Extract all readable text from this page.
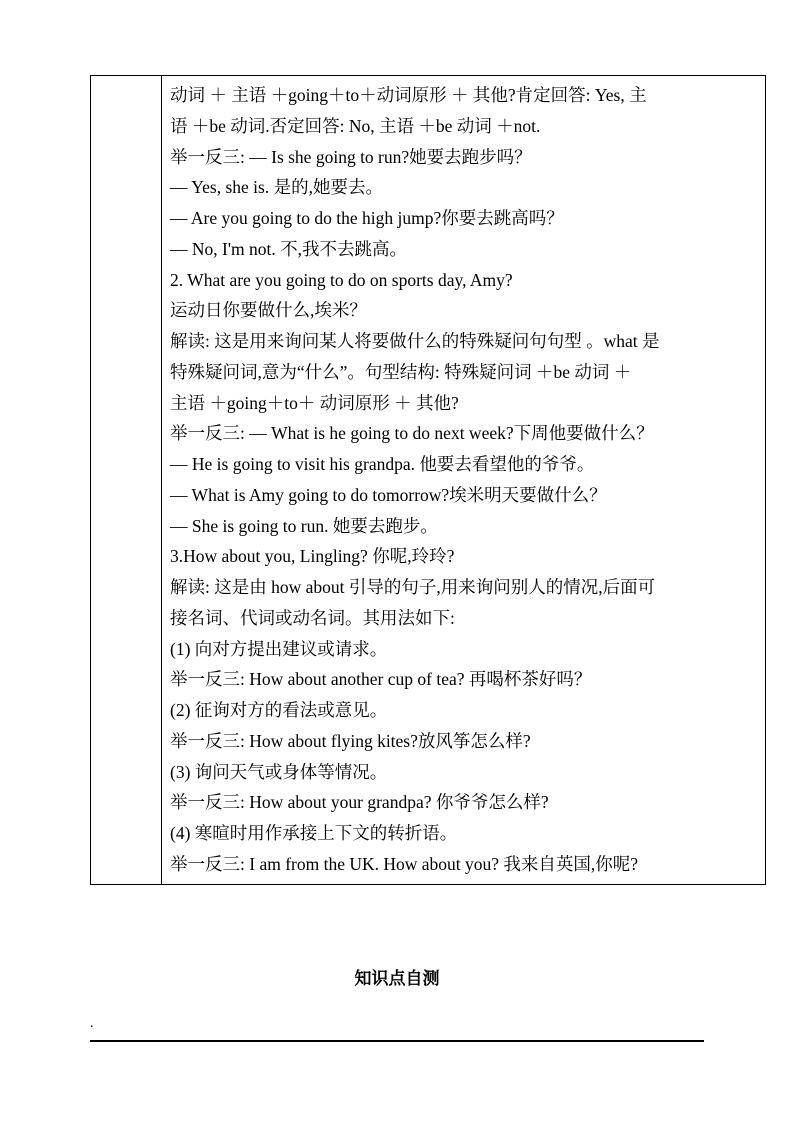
动词 ＋ 主语 ＋going＋to＋动词原形 ＋ 其他?肯定回答: Yes, 主
语 ＋be 动词.否定回答: No, 主语 ＋be 动词 ＋not.
举一反三: — Is she going to run?她要去跑步吗？
— Yes, she is. 是的,她要去。
— Are you going to do the high jump?你要去跳高吗？
— No, I'm not. 不,我不去跳高。
2. What are you going to do on sports day, Amy?
运动日你要做什么,埃米？
解读: 这是用来询问某人将要做什么的特殊疑问句句型 。what 是
特殊疑问词,意为“什么”。句型结构: 特殊疑问词 ＋be 动词 ＋
主语 ＋going＋to＋ 动词原形 ＋ 其他?
举一反三: — What is he going to do next week?下周他要做什么？
— He is going to visit his grandpa. 他要去看望他的爷爷。
— What is Amy going to do tomorrow?埃米明天要做什么？
— She is going to run. 她要去跑步。
3.How about you, Lingling? 你呢,玲玲?
解读: 这是由 how about 引导的句子,用来询问别人的情况,后面可
接名词、代词或动名词。其用法如下:
(1) 向对方提出建议或请求。
举一反三: How about another cup of tea? 再喝杯茶好吗？
(2) 征询对方的看法或意见。
举一反三: How about flying kites?放风筝怎么样?
(3) 询问天气或身体等情况。
举一反三: How about your grandpa? 你爷爷怎么样?
(4) 寒暄时用作承接上下文的转折语。
举一反三: I am from the UK. How about you? 我来自英国,你呢?
知识点自测
.
